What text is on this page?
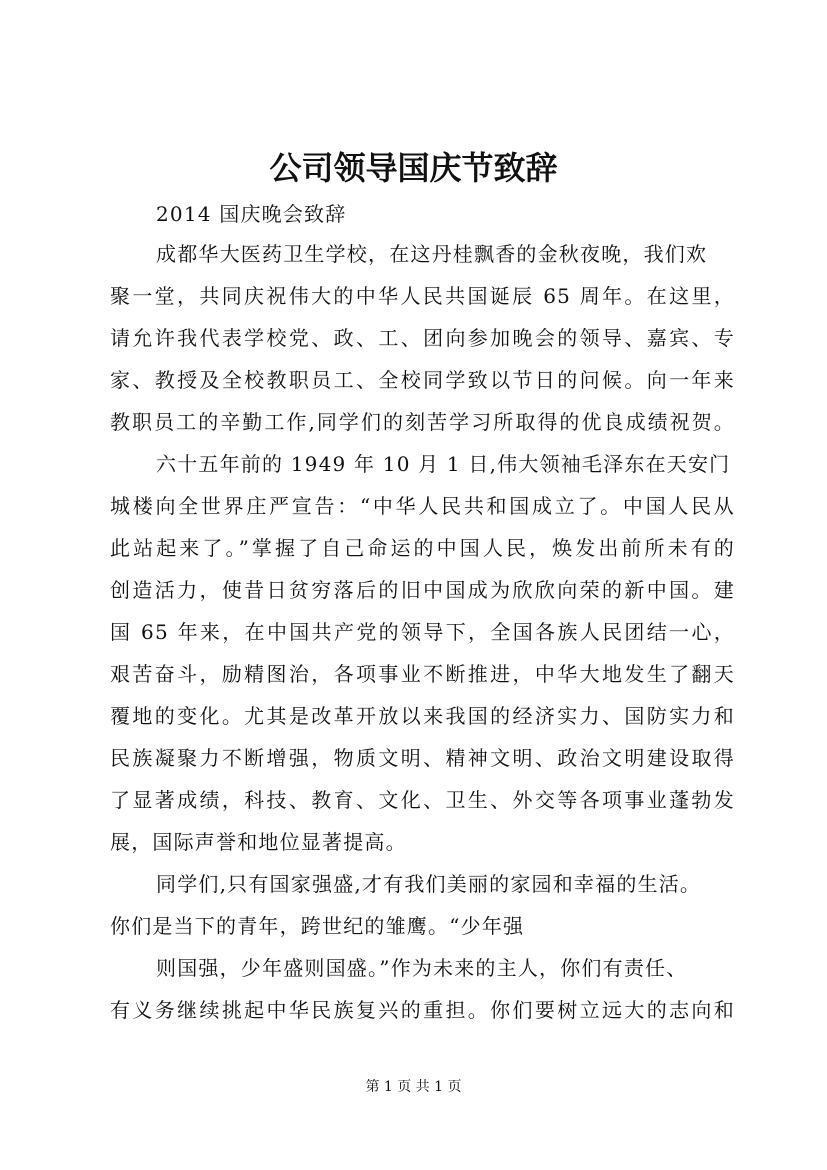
公司领导国庆节致辞
2014 国庆晚会致辞
成都华大医药卫生学校，在这丹桂飘香的金秋夜晚，我们欢
聚一堂，共同庆祝伟大的中华人民共国诞辰 65 周年。在这里，
请允许我代表学校党、政、工、团向参加晚会的领导、嘉宾、专
家、教授及全校教职员工、全校同学致以节日的问候。向一年来
教职员工的辛勤工作,同学们的刻苦学习所取得的优良成绩祝贺。
六十五年前的 1949 年 10 月 1 日,伟大领袖毛泽东在天安门
城楼向全世界庄严宣告：“中华人民共和国成立了。中国人民从
此站起来了。”掌握了自己命运的中国人民，焕发出前所未有的
创造活力，使昔日贫穷落后的旧中国成为欣欣向荣的新中国。建
国 65 年来，在中国共产党的领导下，全国各族人民团结一心，
艰苦奋斗，励精图治，各项事业不断推进，中华大地发生了翻天
覆地的变化。尤其是改革开放以来我国的经济实力、国防实力和
民族凝聚力不断增强，物质文明、精神文明、政治文明建设取得
了显著成绩，科技、教育、文化、卫生、外交等各项事业蓬勃发
展，国际声誉和地位显著提高。
同学们,只有国家强盛,才有我们美丽的家园和幸福的生活。
你们是当下的青年，跨世纪的雏鹰。“少年强
则国强，少年盛则国盛。”作为未来的主人，你们有责任、
有义务继续挑起中华民族复兴的重担。你们要树立远大的志向和
第 1 页 共 1 页
